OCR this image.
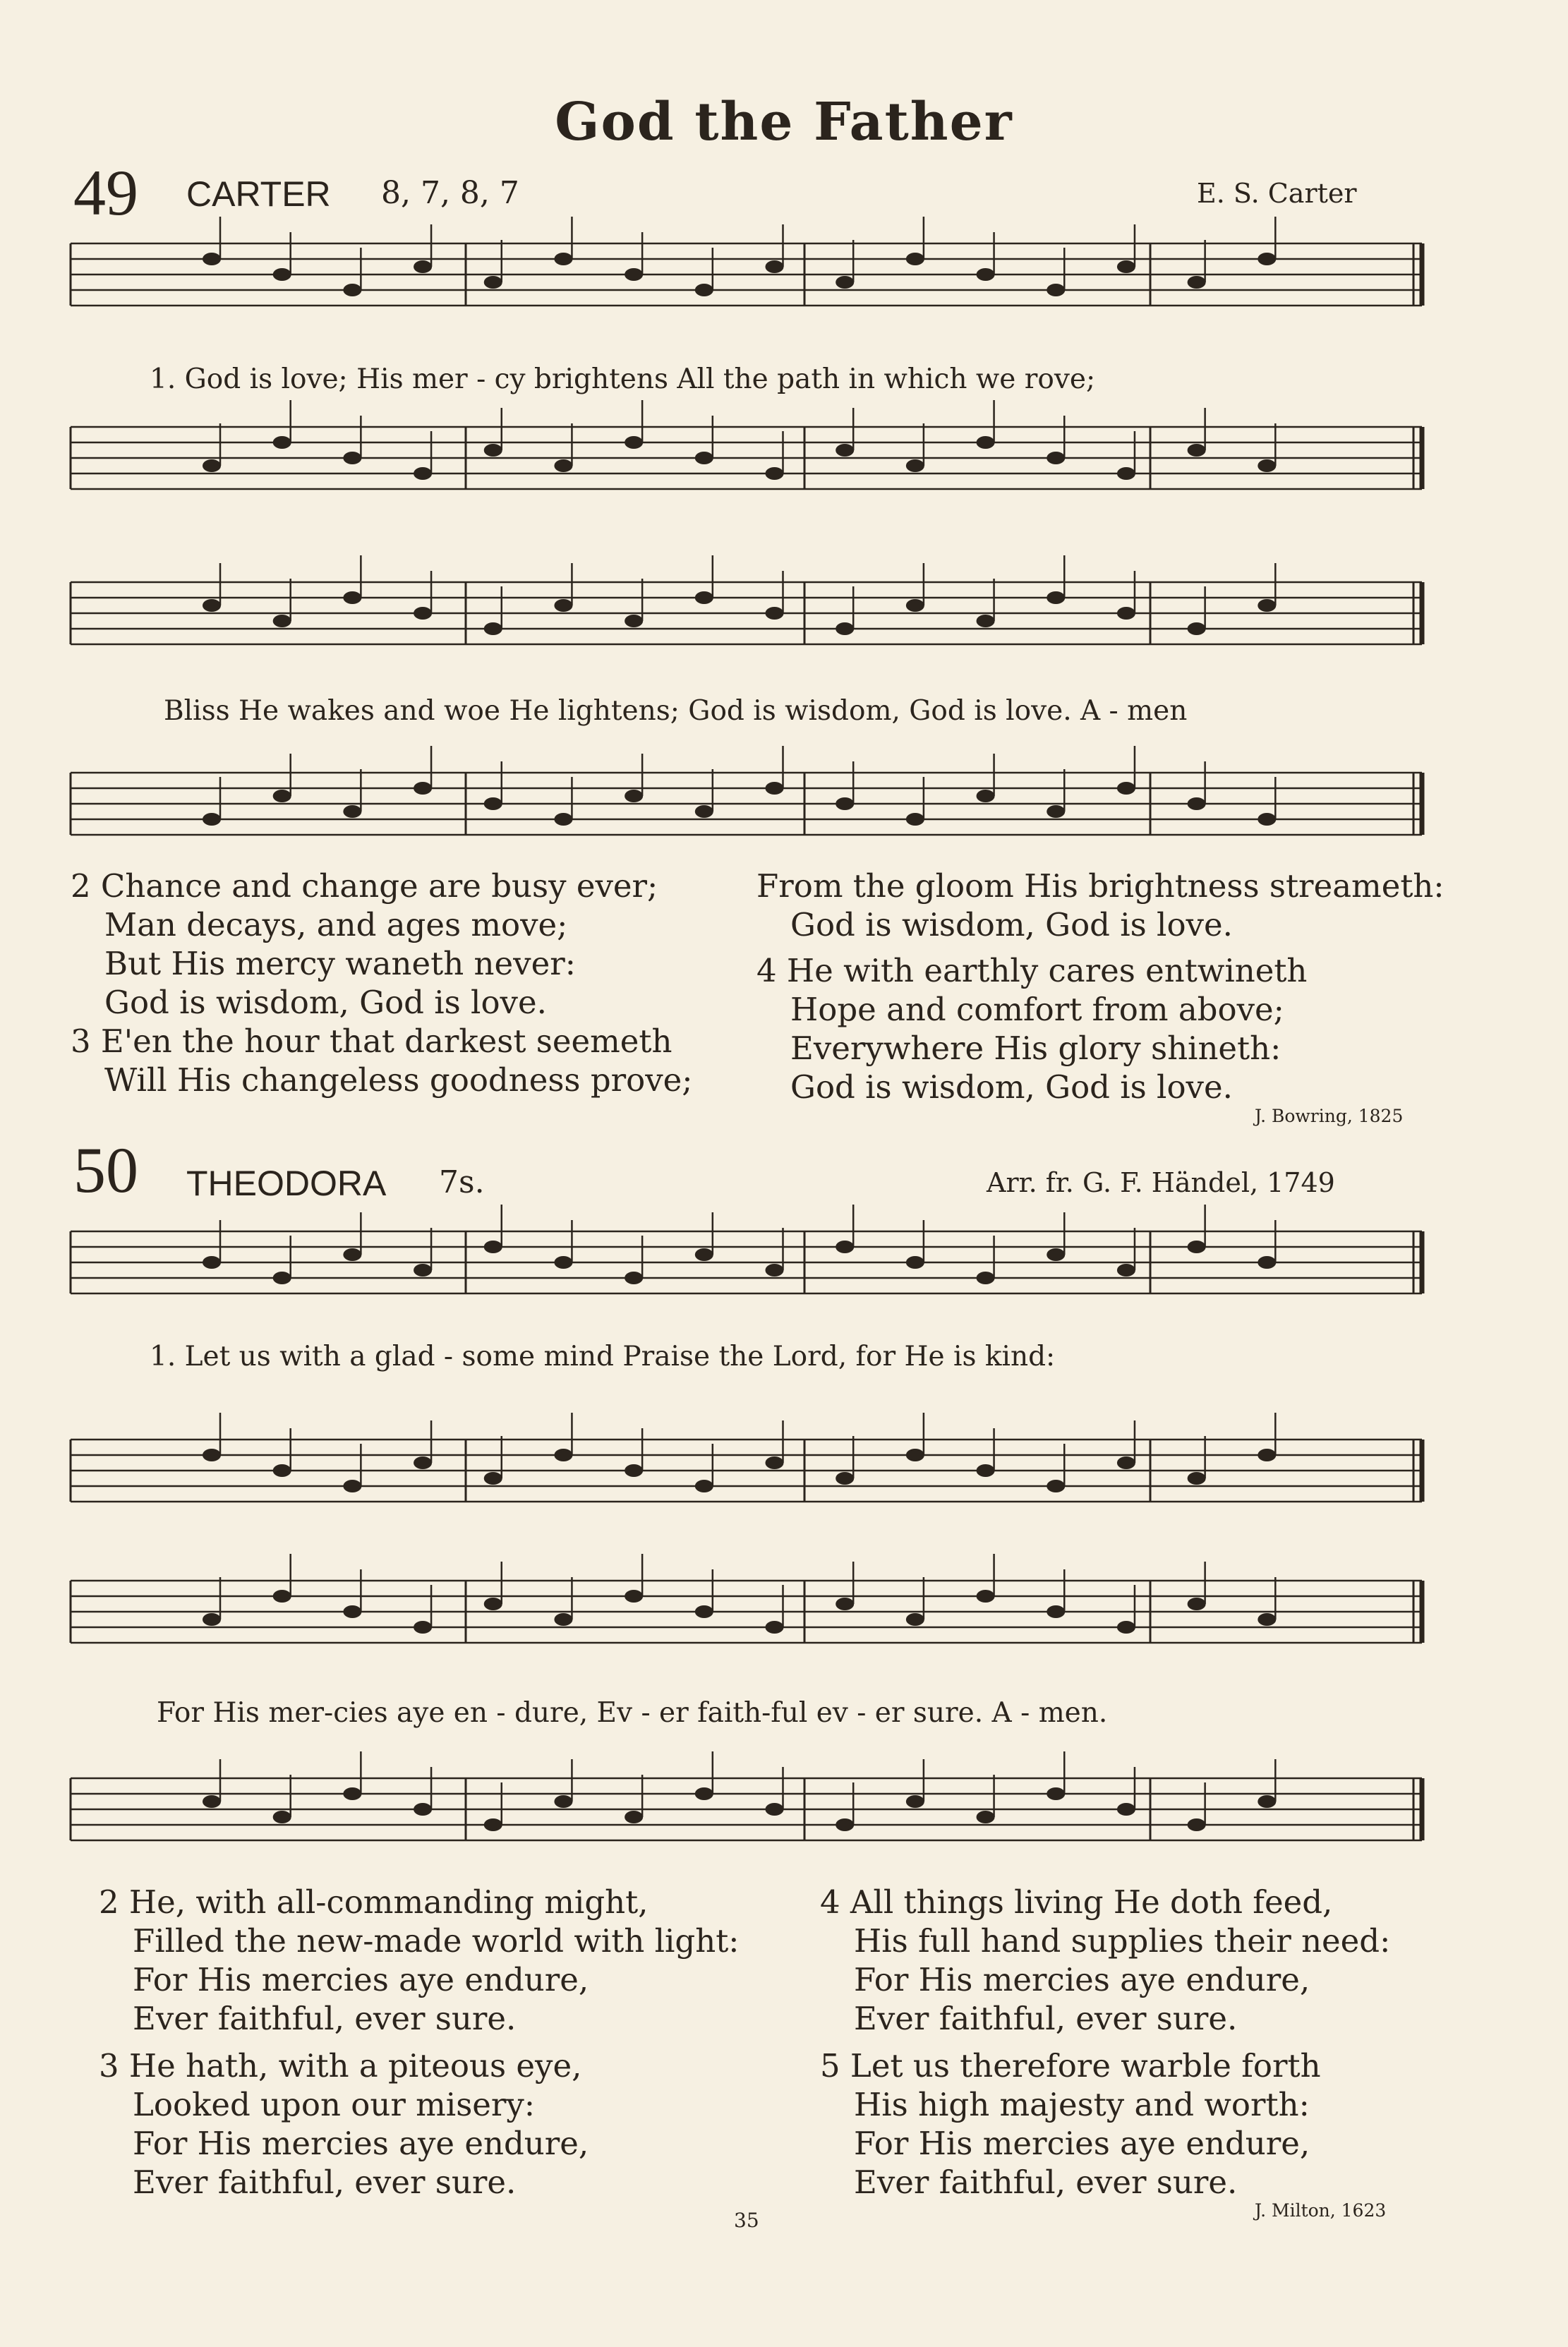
God the Father
49 CARTER 8, 7, 8, 7	E. S. Carter
1. God is love; His mer - cy brightens All the path in which we rove;
Bliss He wakes and woe He lightens; God is wisdom, God is love. A - men
2 Chance and change are busy ever;
Man decays, and ages move;
But His mercy waneth never:
God is wisdom, God is love.
3 E'en the hour that darkest seemeth
Will His changeless goodness prove;
From the gloom His brightness streameth:
God is wisdom, God is love.
4 He with earthly cares entwineth
Hope and comfort from above;
Everywhere His glory shineth:
God is wisdom, God is love.
J. Bowring, 1825
50 THEODORA 7s.	Arr. fr. G. F. Händel, 1749
1. Let us with a glad - some mind Praise the Lord, for He is kind:
For His mer-cies aye en - dure, Ev - er faith-ful ev - er sure. A - men.
2 He, with all-commanding might,
Filled the new-made world with light:
For His mercies aye endure,
Ever faithful, ever sure.
3 He hath, with a piteous eye,
Looked upon our misery:
For His mercies aye endure,
Ever faithful, ever sure.
4 All things living He doth feed,
His full hand supplies their need:
For His mercies aye endure,
Ever faithful, ever sure.
5 Let us therefore warble forth
His high majesty and worth:
For His mercies aye endure,
Ever faithful, ever sure.
J. Milton, 1623
35
